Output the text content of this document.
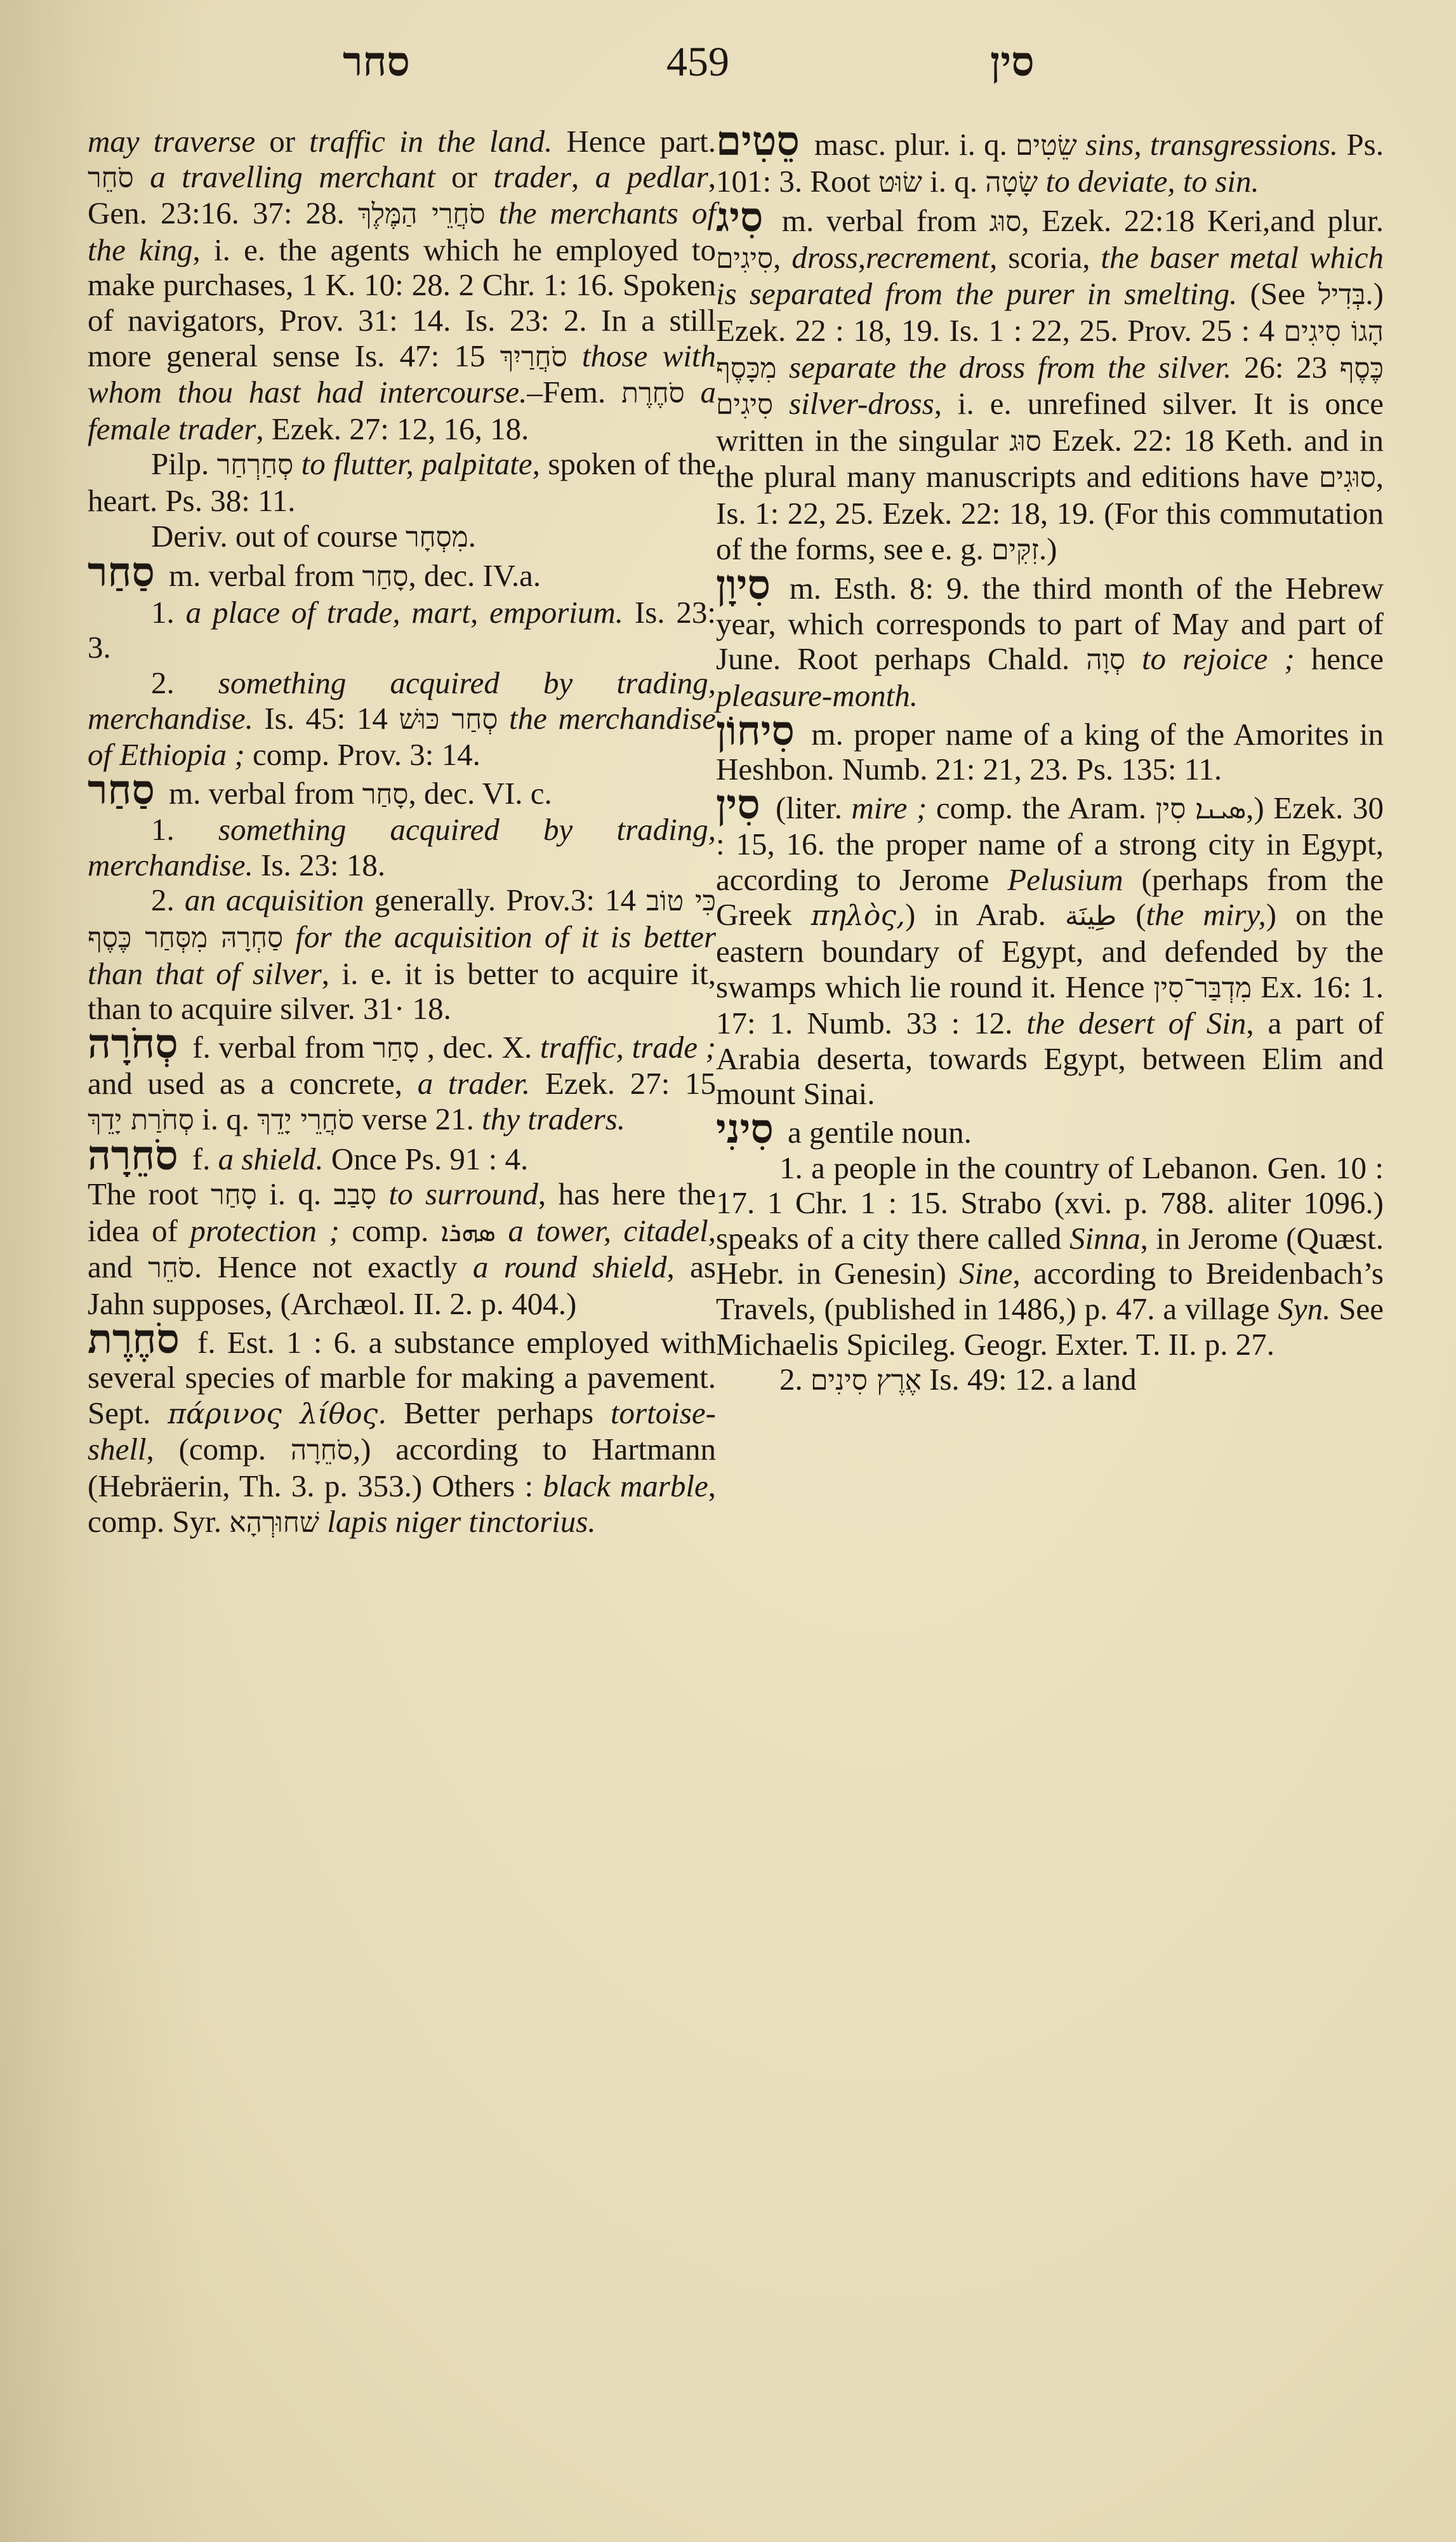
סחר	459	סין

may traverse or traffic in the land. Hence part. סֹחֵר a travelling merchant or trader, a pedlar, Gen. 23:16. 37: 28. סֹחֲרֵי הַמֶּלֶךְ the merchants of the king, i. e. the agents which he employed to make purchases, 1 K. 10: 28. 2 Chr. 1: 16. Spoken of navigators, Prov. 31: 14. Is. 23: 2. In a still more general sense Is. 47: 15 סֹחֲרַיִךְ those with whom thou hast had intercourse.–Fem. סֹחֶרֶת a female trader, Ezek. 27: 12, 16, 18.

Pilp. סְחַרְחַר to flutter, palpitate, spoken of the heart. Ps. 38: 11.

Deriv. out of course מִסְחָר.

סַחַר m. verbal from סָחַר, dec. IV.a.

1. a place of trade, mart, emporium. Is. 23: 3.

2. something acquired by trading, merchandise. Is. 45: 14 סְחַר כּוּשׁ the merchandise of Ethiopia ; comp. Prov. 3: 14.

סַחַר m. verbal from סָחַר, dec. VI. c.

1. something acquired by trading, merchandise. Is. 23: 18.

2. an acquisition generally. Prov.3: 14 כִּי טוֹב סַחְרָהּ מִסְּחַר כֶּסֶף for the acquisition of it is better than that of silver, i. e. it is better to acquire it, than to acquire silver. 31· 18.

סְחֹרָה f. verbal from סָחַר , dec. X. traffic, trade ; and used as a concrete, a trader. Ezek. 27: 15 סְחֹרַת יָדֵךְ i. q. סֹחֲרֵי יָדֵךְ verse 21. thy traders.

סֹחֵרָה f. a shield. Once Ps. 91 : 4.

The root סָחַר i. q. סָבַב to surround, has here the idea of protection ; comp. ܣܗܪܐ a tower, citadel, and סֹחֵר. Hence not exactly a round shield, as Jahn supposes, (Archæol. II. 2. p. 404.)

סֹחֶרֶת f. Est. 1 : 6. a substance employed with several species of marble for making a pavement. Sept. πάρινος λίθος. Better perhaps tortoise-shell, (comp. סֹחֵרָה,) according to Hartmann (Hebräerin, Th. 3. p. 353.) Others : black marble, comp. Syr. שׁחוּרְהָא lapis niger tinctorius.

סֵטִים masc. plur. i. q. שֵׂטִים sins, transgressions. Ps. 101: 3. Root שׂוּט i. q. שָׂטָה to deviate, to sin.

סִיג m. verbal from סוּג, Ezek. 22:18 Keri,and plur. סִיגִים, dross,recrement, scoria, the baser metal which is separated from the purer in smelting. (See בְּדִיל.) Ezek. 22 : 18, 19. Is. 1 : 22, 25. Prov. 25 : 4 הָגוֹ סִיגִים מִכָּסֶף separate the dross from the silver. 26: 23 כֶּסֶף סִיגִים silver-dross, i. e. unrefined silver. It is once written in the singular סוּג Ezek. 22: 18 Keth. and in the plural many manuscripts and editions have סוּגִים, Is. 1: 22, 25. Ezek. 22: 18, 19. (For this commutation of the forms, see e. g. זִקִּים.)

סִיוָן m. Esth. 8: 9. the third month of the Hebrew year, which corresponds to part of May and part of June. Root perhaps Chald. סְוָה to rejoice ; hence pleasure-month.

סִיחוֹן m. proper name of a king of the Amorites in Heshbon. Numb. 21: 21, 23. Ps. 135: 11.

סִין (liter. mire ; comp. the Aram. סִין ܣܝܢܐ,) Ezek. 30 : 15, 16. the proper name of a strong city in Egypt, according to Jerome Pelusium (perhaps from the Greek πηλὸς,) in Arab. طِينَة (the miry,) on the eastern boundary of Egypt, and defended by the swamps which lie round it. Hence מִדְבַּר־סִין Ex. 16: 1. 17: 1. Numb. 33 : 12. the desert of Sin, a part of Arabia deserta, towards Egypt, between Elim and mount Sinai.

סִינִי a gentile noun.

1. a people in the country of Lebanon. Gen. 10 : 17. 1 Chr. 1 : 15. Strabo (xvi. p. 788. aliter 1096.) speaks of a city there called Sinna, in Jerome (Quæst. Hebr. in Genesin) Sine, according to Breidenbach’s Travels, (published in 1486,) p. 47. a village Syn. See Michaelis Spicileg. Geogr. Exter. T. II. p. 27.

2. אֶרֶץ סִינִים Is. 49: 12. a land
